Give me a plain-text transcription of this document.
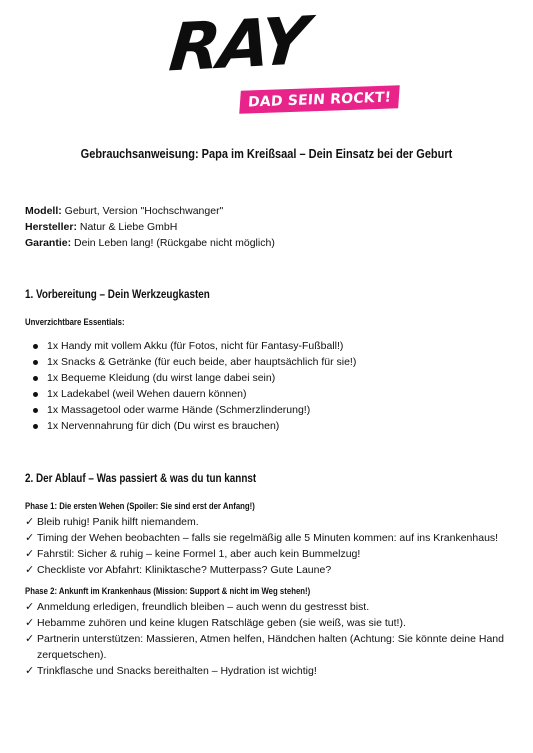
RAY
DAD SEIN ROCKT!
Gebrauchsanweisung: Papa im Kreißsaal – Dein Einsatz bei der Geburt
Modell: Geburt, Version "Hochschwanger"
Hersteller: Natur & Liebe GmbH
Garantie: Dein Leben lang! (Rückgabe nicht möglich)
1. Vorbereitung – Dein Werkzeugkasten
Unverzichtbare Essentials:
1x Handy mit vollem Akku (für Fotos, nicht für Fantasy-Fußball!)
1x Snacks & Getränke (für euch beide, aber hauptsächlich für sie!)
1x Bequeme Kleidung (du wirst lange dabei sein)
1x Ladekabel (weil Wehen dauern können)
1x Massagetool oder warme Hände (Schmerzlinderung!)
1x Nervennahrung für dich (Du wirst es brauchen)
2. Der Ablauf – Was passiert & was du tun kannst
Phase 1: Die ersten Wehen (Spoiler: Sie sind erst der Anfang!)
✓ Bleib ruhig! Panik hilft niemandem.
✓ Timing der Wehen beobachten – falls sie regelmäßig alle 5 Minuten kommen: auf ins Krankenhaus!
✓ Fahrstil: Sicher & ruhig – keine Formel 1, aber auch kein Bummelzug!
✓ Checkliste vor Abfahrt: Kliniktasche? Mutterpass? Gute Laune?
Phase 2: Ankunft im Krankenhaus (Mission: Support & nicht im Weg stehen!)
✓ Anmeldung erledigen, freundlich bleiben – auch wenn du gestresst bist.
✓ Hebamme zuhören und keine klugen Ratschläge geben (sie weiß, was sie tut!).
✓ Partnerin unterstützen: Massieren, Atmen helfen, Händchen halten (Achtung: Sie könnte deine Hand zerquetschen).
✓ Trinkflasche und Snacks bereithalten – Hydration ist wichtig!
